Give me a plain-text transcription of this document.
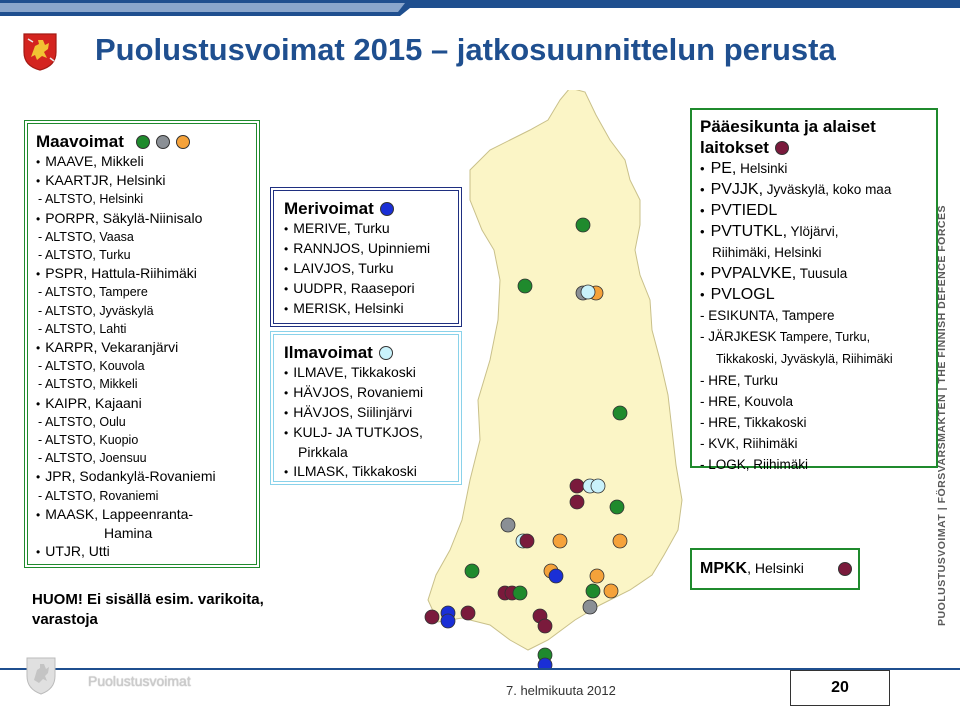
Puolustusvoimat 2015 – jatkosuunnittelun perusta
Maavoimat
• MAAVE, Mikkeli
• KAARTJR, Helsinki
- ALTSTO, Helsinki
• PORPR, Säkylä-Niinisalo
- ALTSTO, Vaasa
- ALTSTO, Turku
• PSPR, Hattula-Riihimäki
- ALTSTO, Tampere
- ALTSTO, Jyväskylä
- ALTSTO, Lahti
• KARPR, Vekaranjärvi
- ALTSTO, Kouvola
- ALTSTO, Mikkeli
• KAIPR, Kajaani
- ALTSTO, Oulu
- ALTSTO, Kuopio
- ALTSTO, Joensuu
• JPR, Sodankylä-Rovaniemi
- ALTSTO, Rovaniemi
• MAASK, Lappeenranta-
Hamina
• UTJR, Utti
Merivoimat
• MERIVE, Turku
• RANNJOS, Upinniemi
• LAIVJOS, Turku
• UUDPR, Raasepori
• MERISK, Helsinki
Ilmavoimat
• ILMAVE, Tikkakoski
• HÄVJOS, Rovaniemi
• HÄVJOS, Siilinjärvi
• KULJ- JA TUTKJOS,
Pirkkala
• ILMASK, Tikkakoski
Pääesikunta ja alaiset
laitokset
• PE, Helsinki
• PVJJK, Jyväskylä, koko maa
• PVTIEDL
• PVTUTKL, Ylöjärvi,
Riihimäki, Helsinki
• PVPALVKE, Tuusula
• PVLOGL
- ESIKUNTA, Tampere
- JÄRJKESK Tampere, Turku,
Tikkakoski, Jyväskylä, Riihimäki
- HRE, Turku
- HRE, Kouvola
- HRE, Tikkakoski
- KVK, Riihimäki
- LOGK, Riihimäki
MPKK, Helsinki
HUOM! Ei sisällä esim. varikoita,
varastoja
Puolustusvoimat
7. helmikuuta 2012	20
PUOLUSTUSVOIMAT | FÖRSVARSMAKTEN | THE FINNISH DEFENCE FORCES
